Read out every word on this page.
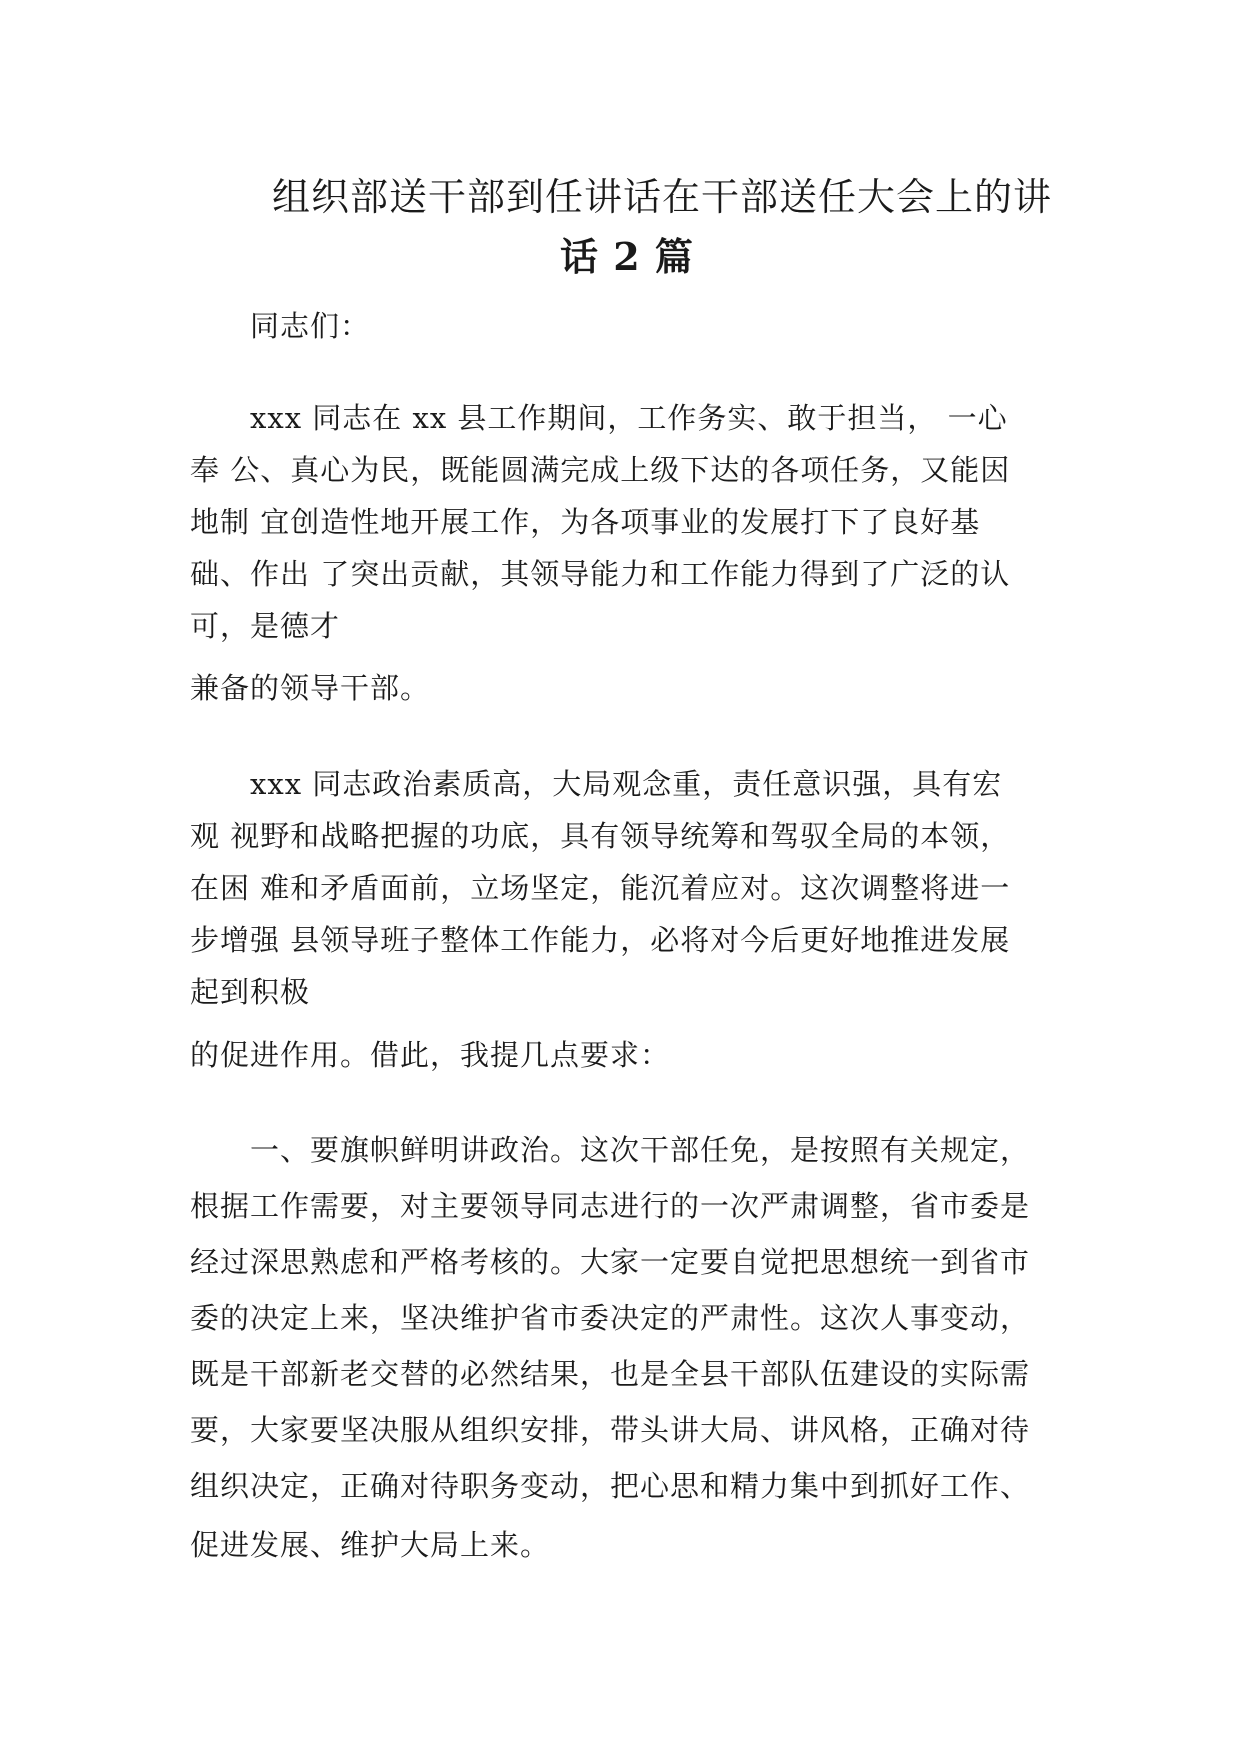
组织部送干部到任讲话在干部送任大会上的讲
话 2 篇
同志们：
xxx 同志在 xx 县工作期间，工作务实、敢于担当， 一心
奉 公、真心为民，既能圆满完成上级下达的各项任务，又能因
地制 宜创造性地开展工作，为各项事业的发展打下了良好基
础、作出 了突出贡献，其领导能力和工作能力得到了广泛的认
可，是德才
兼备的领导干部。
xxx 同志政治素质高，大局观念重，责任意识强，具有宏
观 视野和战略把握的功底，具有领导统筹和驾驭全局的本领，
在困 难和矛盾面前，立场坚定，能沉着应对。这次调整将进一
步增强 县领导班子整体工作能力，必将对今后更好地推进发展
起到积极
的促进作用。借此，我提几点要求：
一、要旗帜鲜明讲政治。这次干部任免，是按照有关规定，
根据工作需要，对主要领导同志进行的一次严肃调整，省市委是
经过深思熟虑和严格考核的。大家一定要自觉把思想统一到省市
委的决定上来，坚决维护省市委决定的严肃性。这次人事变动，
既是干部新老交替的必然结果，也是全县干部队伍建设的实际需
要，大家要坚决服从组织安排，带头讲大局、讲风格，正确对待
组织决定，正确对待职务变动，把心思和精力集中到抓好工作、
促进发展、维护大局上来。
